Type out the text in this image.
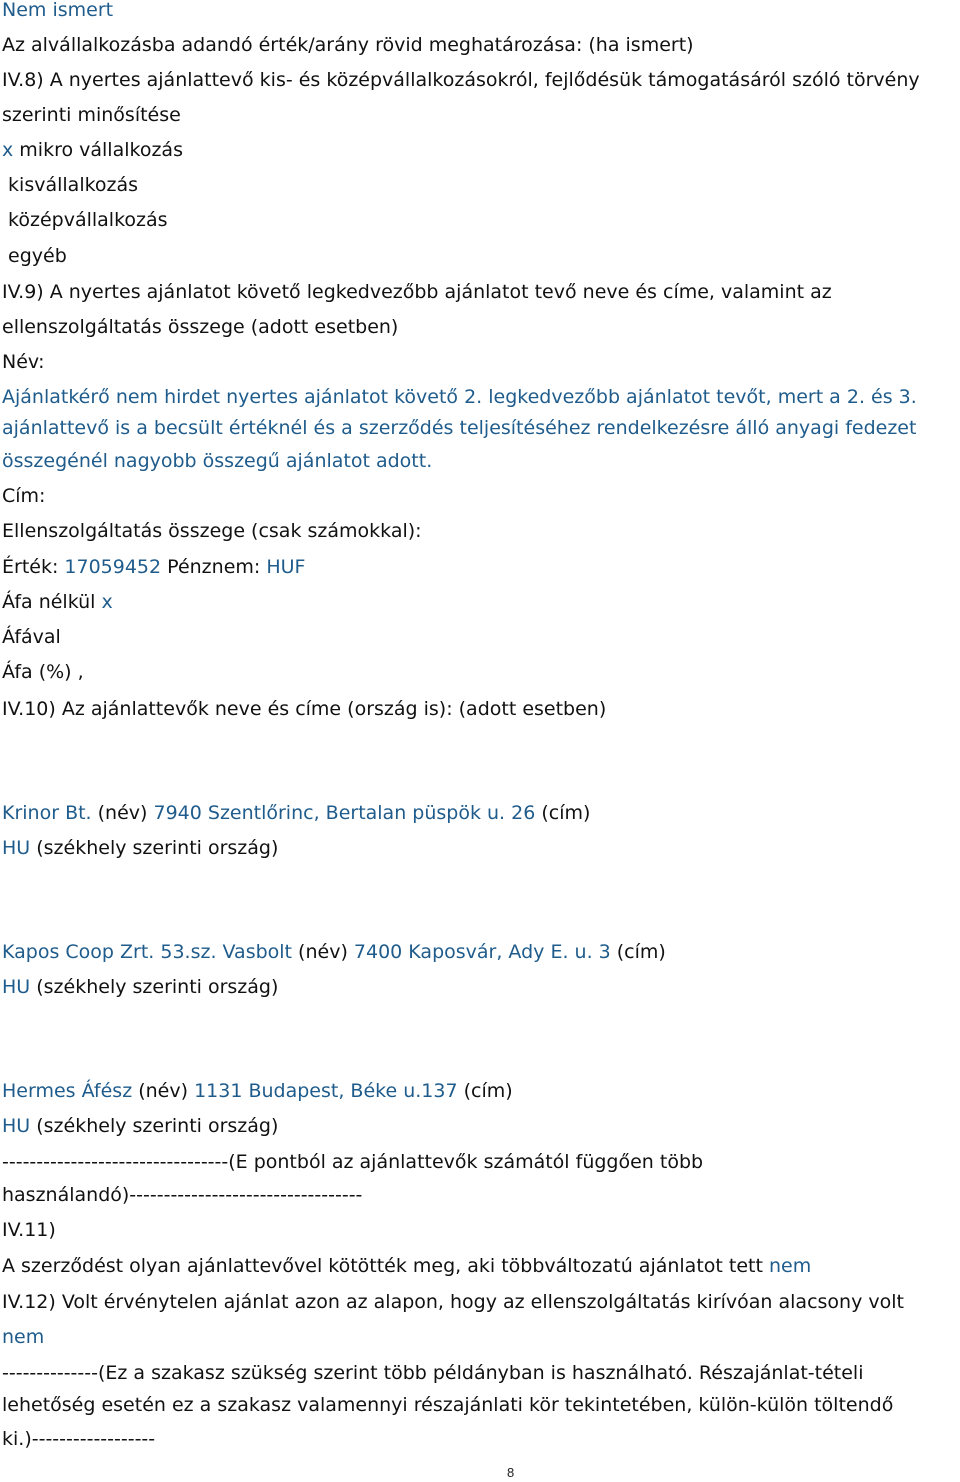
Nem ismert
Az alvállalkozásba adandó érték/arány rövid meghatározása: (ha ismert)
IV.8) A nyertes ajánlattevő kis- és középvállalkozásokról, fejlődésük támogatásáról szóló törvény
szerinti minősítése
x mikro vállalkozás
kisvállalkozás
középvállalkozás
egyéb
IV.9) A nyertes ajánlatot követő legkedvezőbb ajánlatot tevő neve és címe, valamint az
ellenszolgáltatás összege (adott esetben)
Név:
Ajánlatkérő nem hirdet nyertes ajánlatot követő 2. legkedvezőbb ajánlatot tevőt, mert a 2. és 3.
ajánlattevő is a becsült értéknél és a szerződés teljesítéséhez rendelkezésre álló anyagi fedezet
összegénél nagyobb összegű ajánlatot adott.
Cím:
Ellenszolgáltatás összege (csak számokkal):
Érték: 17059452 Pénznem: HUF
Áfa nélkül x
Áfával
Áfa (%) ,
IV.10) Az ajánlattevők neve és címe (ország is): (adott esetben)
Krinor Bt. (név) 7940 Szentlőrinc, Bertalan püspök u. 26 (cím)
HU (székhely szerinti ország)
Kapos Coop Zrt. 53.sz. Vasbolt (név) 7400 Kaposvár, Ady E. u. 3 (cím)
HU (székhely szerinti ország)
Hermes Áfész (név) 1131 Budapest, Béke u.137 (cím)
HU (székhely szerinti ország)
---------------------------------(E pontból az ajánlattevők számától függően több
használandó)----------------------------------
IV.11)
A szerződést olyan ajánlattevővel kötötték meg, aki többváltozatú ajánlatot tett nem
IV.12) Volt érvénytelen ajánlat azon az alapon, hogy az ellenszolgáltatás kirívóan alacsony volt
nem
--------------(Ez a szakasz szükség szerint több példányban is használható. Részajánlat-tételi
lehetőség esetén ez a szakasz valamennyi részajánlati kör tekintetében, külön-külön töltendő
ki.)------------------
8
